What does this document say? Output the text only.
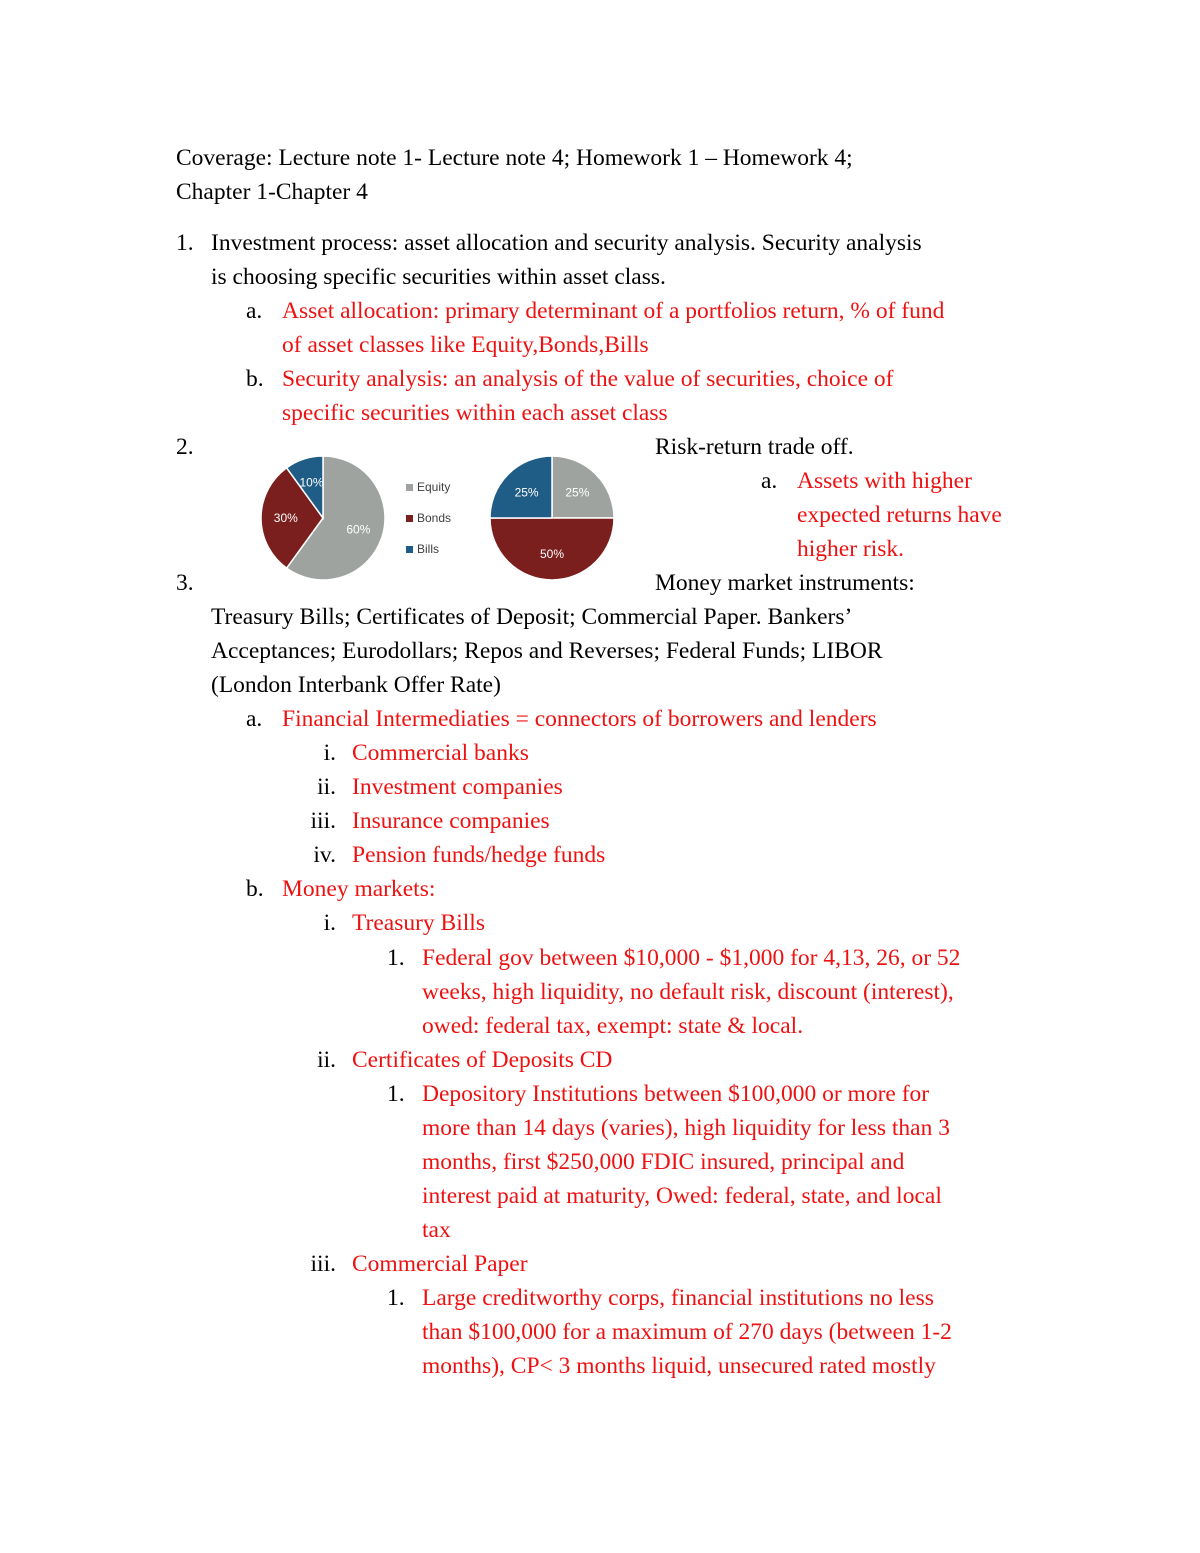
Coverage: Lecture note 1- Lecture note 4; Homework 1 – Homework 4;
Chapter 1-Chapter 4
1. Investment process: asset allocation and security analysis. Security analysis
is choosing specific securities within asset class.
a. Asset allocation: primary determinant of a portfolios return, % of fund
of asset classes like Equity,Bonds,Bills
b. Security analysis: an analysis of the value of securities, choice of
specific securities within each asset class
2.	Risk-return trade off.
a. Assets with higher
expected returns have
higher risk.
60%
30%
10%	Equity
Bonds
Bills
25%
50%
25%
3.	Money market instruments:
Treasury Bills; Certificates of Deposit; Commercial Paper. Bankers’
Acceptances; Eurodollars; Repos and Reverses; Federal Funds; LIBOR
(London Interbank Offer Rate)
a. Financial Intermediaties = connectors of borrowers and lenders
i. Commercial banks
ii. Investment companies
iii. Insurance companies
iv. Pension funds/hedge funds
b. Money markets:
i. Treasury Bills
1. Federal gov between $10,000 - $1,000 for 4,13, 26, or 52
weeks, high liquidity, no default risk, discount (interest),
owed: federal tax, exempt: state & local.
ii. Certificates of Deposits CD
1. Depository Institutions between $100,000 or more for
more than 14 days (varies), high liquidity for less than 3
months, first $250,000 FDIC insured, principal and
interest paid at maturity, Owed: federal, state, and local
tax
iii. Commercial Paper
1. Large creditworthy corps, financial institutions no less
than $100,000 for a maximum of 270 days (between 1-2
months), CP< 3 months liquid, unsecured rated mostly
